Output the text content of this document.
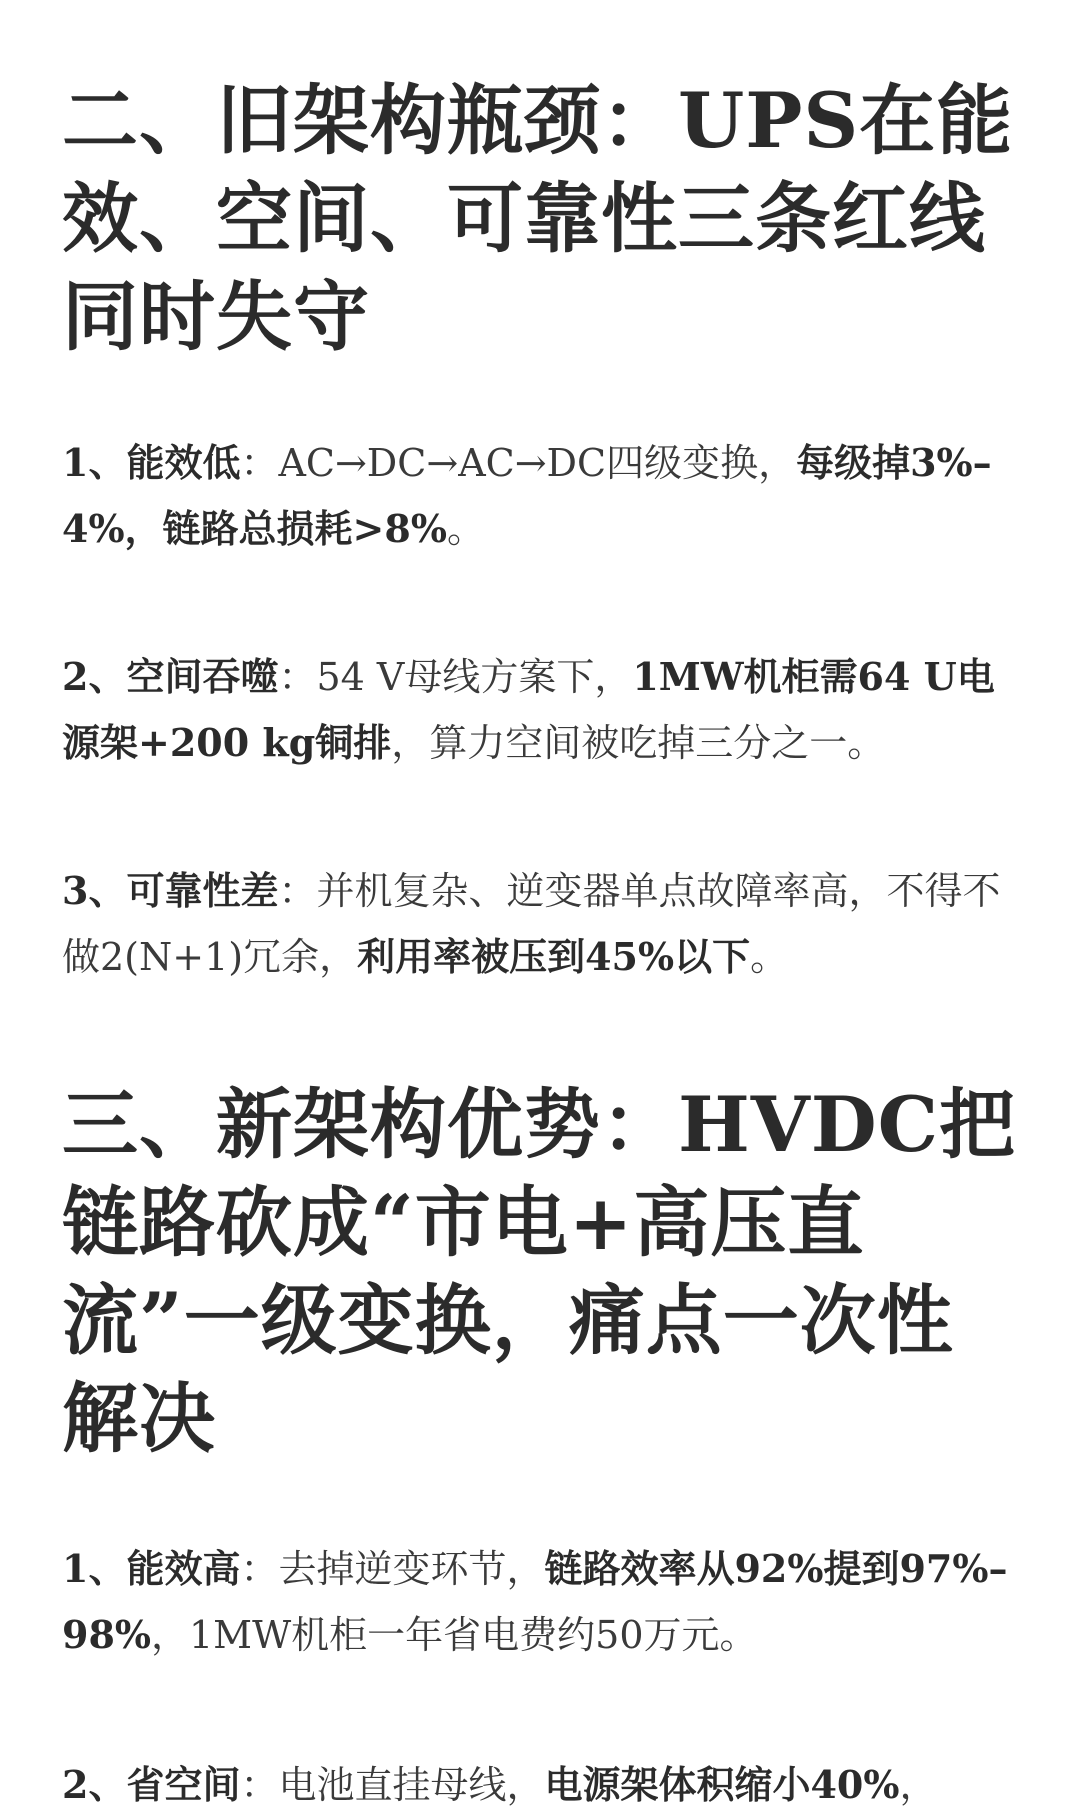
二、旧架构瓶颈：UPS在能效、空间、可靠性三条红线同时失守

1、能效低：AC→DC→AC→DC四级变换，每级掉3%–4%，链路总损耗>8%。

2、空间吞噬：54 V母线方案下，1MW机柜需64 U电源架+200 kg铜排，算力空间被吃掉三分之一。

3、可靠性差：并机复杂、逆变器单点故障率高，不得不做2(N+1)冗余，利用率被压到45%以下。

三、新架构优势：HVDC把链路砍成“市电+高压直流”一级变换，痛点一次性解决

1、能效高：去掉逆变环节，链路效率从92%提到97%–98%，1MW机柜一年省电费约50万元。

2、省空间：电池直挂母线，电源架体积缩小40%，
